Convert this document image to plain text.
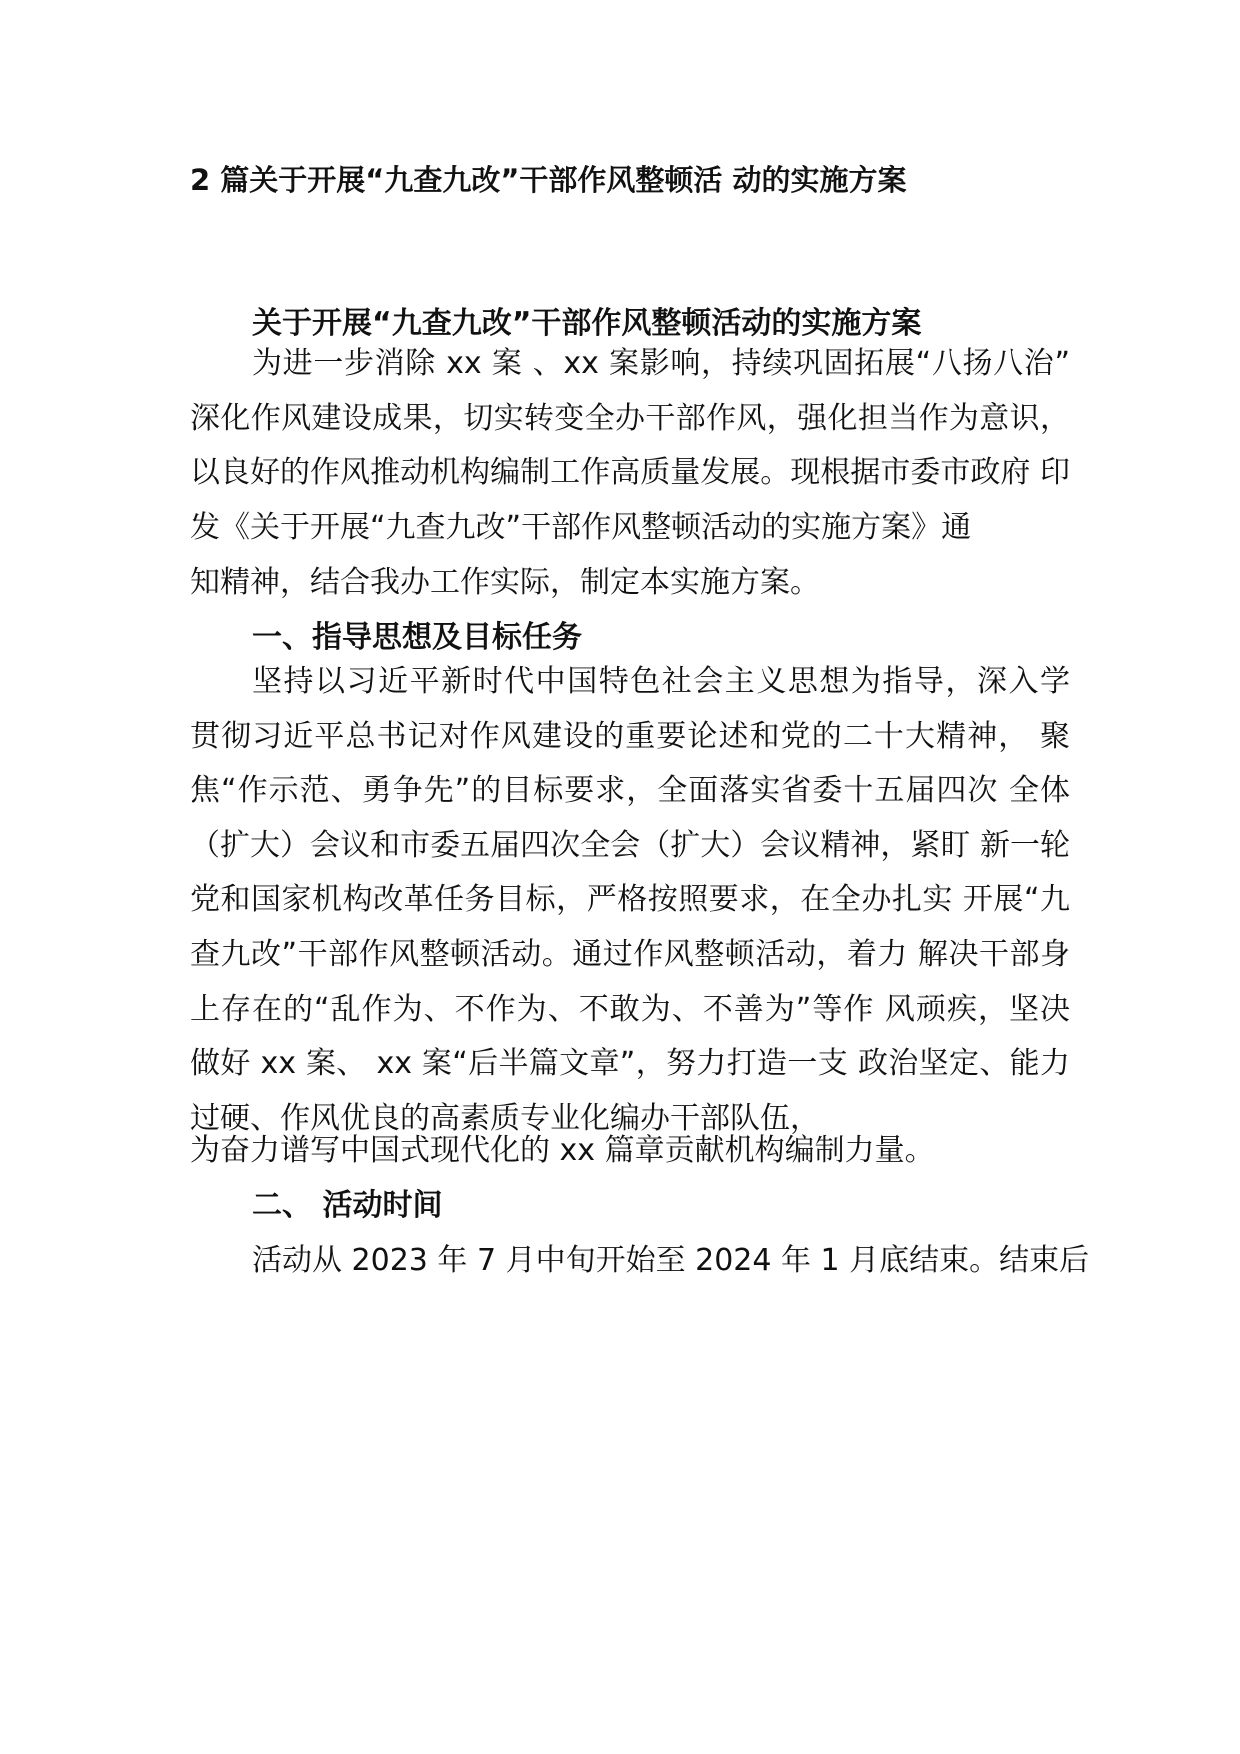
2 篇关于开展“九查九改”干部作风整顿活 动的实施方案
关于开展“九查九改”干部作风整顿活动的实施方案
为进一步消除 xx 案 、xx 案影响，持续巩固拓展“八扬八治” 深化作风建设成果，切实转变全办干部作风，强化担当作为意识， 以良好的作风推动机构编制工作高质量发展。现根据市委市政府 印发《关于开展“九查九改”干部作风整顿活动的实施方案》通
知精神，结合我办工作实际，制定本实施方案。
一、指导思想及目标任务
坚持以习近平新时代中国特色社会主义思想为指导，深入学 贯彻习近平总书记对作风建设的重要论述和党的二十大精神， 聚焦“作示范、勇争先”的目标要求，全面落实省委十五届四次 全体（扩大）会议和市委五届四次全会（扩大）会议精神，紧盯 新一轮党和国家机构改革任务目标，严格按照要求，在全办扎实 开展“九查九改”干部作风整顿活动。通过作风整顿活动，着力 解决干部身上存在的“乱作为、不作为、不敢为、不善为”等作 风顽疾，坚决做好 xx 案、 xx 案“后半篇文章”，努力打造一支 政治坚定、能力过硬、作风优良的高素质专业化编办干部队伍，
为奋力谱写中国式现代化的 xx 篇章贡献机构编制力量。
二、 活动时间
活动从 2023 年 7 月中旬开始至 2024 年 1 月底结束。结束后
